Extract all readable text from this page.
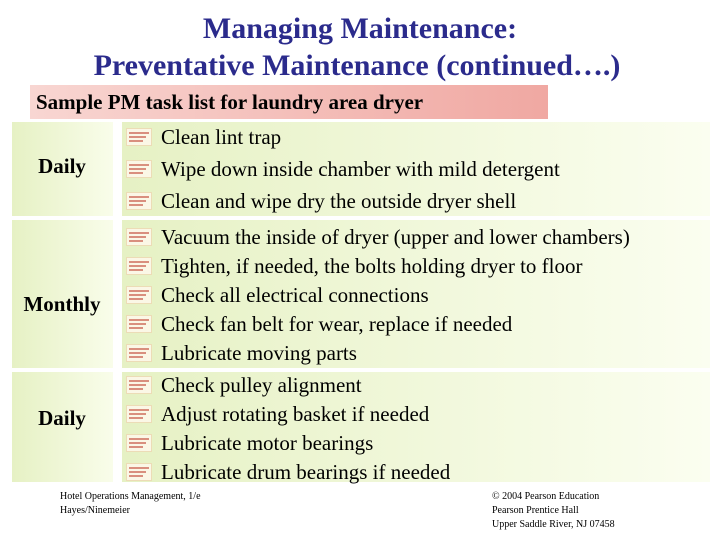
Managing Maintenance:
Preventative Maintenance (continued….)
Sample PM task list for laundry area dryer
Daily
Monthly
Daily
Clean lint trap
Wipe down inside chamber with mild detergent
Clean and wipe dry the outside dryer shell
Vacuum the inside of dryer (upper and lower chambers)
Tighten, if needed, the bolts holding dryer to floor
Check all electrical connections
Check fan belt for wear, replace if needed
Lubricate moving parts
Check pulley alignment
Adjust rotating basket if needed
Lubricate motor bearings
Lubricate drum bearings if needed
Hotel Operations Management, 1/e
Hayes/Ninemeier
© 2004 Pearson Education
Pearson Prentice Hall
Upper Saddle River, NJ 07458
